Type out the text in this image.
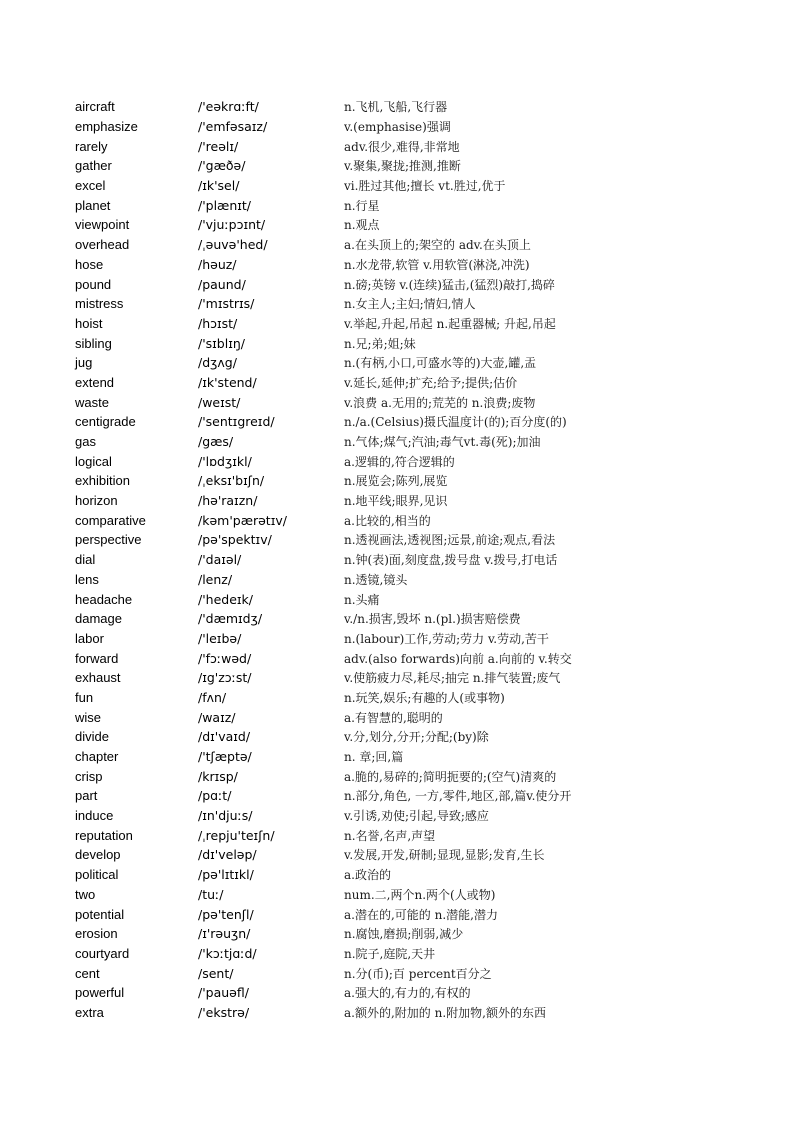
aircraft	/'eəkrɑːft/	n.飞机,飞船,飞行器
emphasize	/'emfəsaɪz/	v.(emphasise)强调
rarely	/'reəlɪ/	adv.很少,难得,非常地
gather	/'gæðə/	v.聚集,聚拢;推测,推断
excel	/ɪk'sel/	vi.胜过其他;擅长 vt.胜过,优于
planet	/'plænɪt/	n.行星
viewpoint	/'vjuːpɔɪnt/	n.观点
overhead	/ˌəuvə'hed/	a.在头顶上的;架空的 adv.在头顶上
hose	/həuz/	n.水龙带,软管 v.用软管(淋浇,冲洗)
pound	/paund/	n.磅;英镑 v.(连续)猛击,(猛烈)敲打,捣碎
mistress	/'mɪstrɪs/	n.女主人;主妇;情妇,情人
hoist	/hɔɪst/	v.举起,升起,吊起 n.起重器械; 升起,吊起
sibling	/'sɪblɪŋ/	n.兄;弟;姐;妹
jug	/dʒʌg/	n.(有柄,小口,可盛水等的)大壶,罐,盂
extend	/ɪk'stend/	v.延长,延伸;扩充;给予;提供;估价
waste	/weɪst/	v.浪费 a.无用的;荒芜的 n.浪费;废物
centigrade	/'sentɪgreɪd/	n./a.(Celsius)摄氏温度计(的);百分度(的)
gas	/gæs/	n.气体;煤气;汽油;毒气vt.毒(死);加油
logical	/'lɒdʒɪkl/	a.逻辑的,符合逻辑的
exhibition	/ˌeksɪ'bɪʃn/	n.展览会;陈列,展览
horizon	/hə'raɪzn/	n.地平线;眼界,见识
comparative	/kəm'pærətɪv/	a.比较的,相当的
perspective	/pə'spektɪv/	n.透视画法,透视图;远景,前途;观点,看法
dial	/'daɪəl/	n.钟(表)面,刻度盘,拨号盘 v.拨号,打电话
lens	/lenz/	n.透镜,镜头
headache	/'hedeɪk/	n.头痛
damage	/'dæmɪdʒ/	v./n.损害,毁坏 n.(pl.)损害赔偿费
labor	/'leɪbə/	n.(labour)工作,劳动;劳力 v.劳动,苦干
forward	/'fɔːwəd/	adv.(also forwards)向前 a.向前的 v.转交
exhaust	/ɪg'zɔːst/	v.使筋疲力尽,耗尽;抽完 n.排气装置;废气
fun	/fʌn/	n.玩笑,娱乐;有趣的人(或事物)
wise	/waɪz/	a.有智慧的,聪明的
divide	/dɪ'vaɪd/	v.分,划分,分开;分配;(by)除
chapter	/'tʃæptə/	n. 章;回,篇
crisp	/krɪsp/	a.脆的,易碎的;简明扼要的;(空气)清爽的
part	/pɑːt/	n.部分,角色, 一方,零件,地区,部,篇v.使分开
induce	/ɪn'djuːs/	v.引诱,劝使;引起,导致;感应
reputation	/ˌrepju'teɪʃn/	n.名誉,名声,声望
develop	/dɪ'veləp/	v.发展,开发,研制;显现,显影;发育,生长
political	/pə'lɪtɪkl/	a.政治的
two	/tuː/	num.二,两个n.两个(人或物)
potential	/pə'tenʃl/	a.潜在的,可能的 n.潜能,潜力
erosion	/ɪ'rəuʒn/	n.腐蚀,磨损;削弱,减少
courtyard	/'kɔːtjɑːd/	n.院子,庭院,天井
cent	/sent/	n.分(币);百 percent百分之
powerful	/'pauəfl/	a.强大的,有力的,有权的
extra	/'ekstrə/	a.额外的,附加的 n.附加物,额外的东西
